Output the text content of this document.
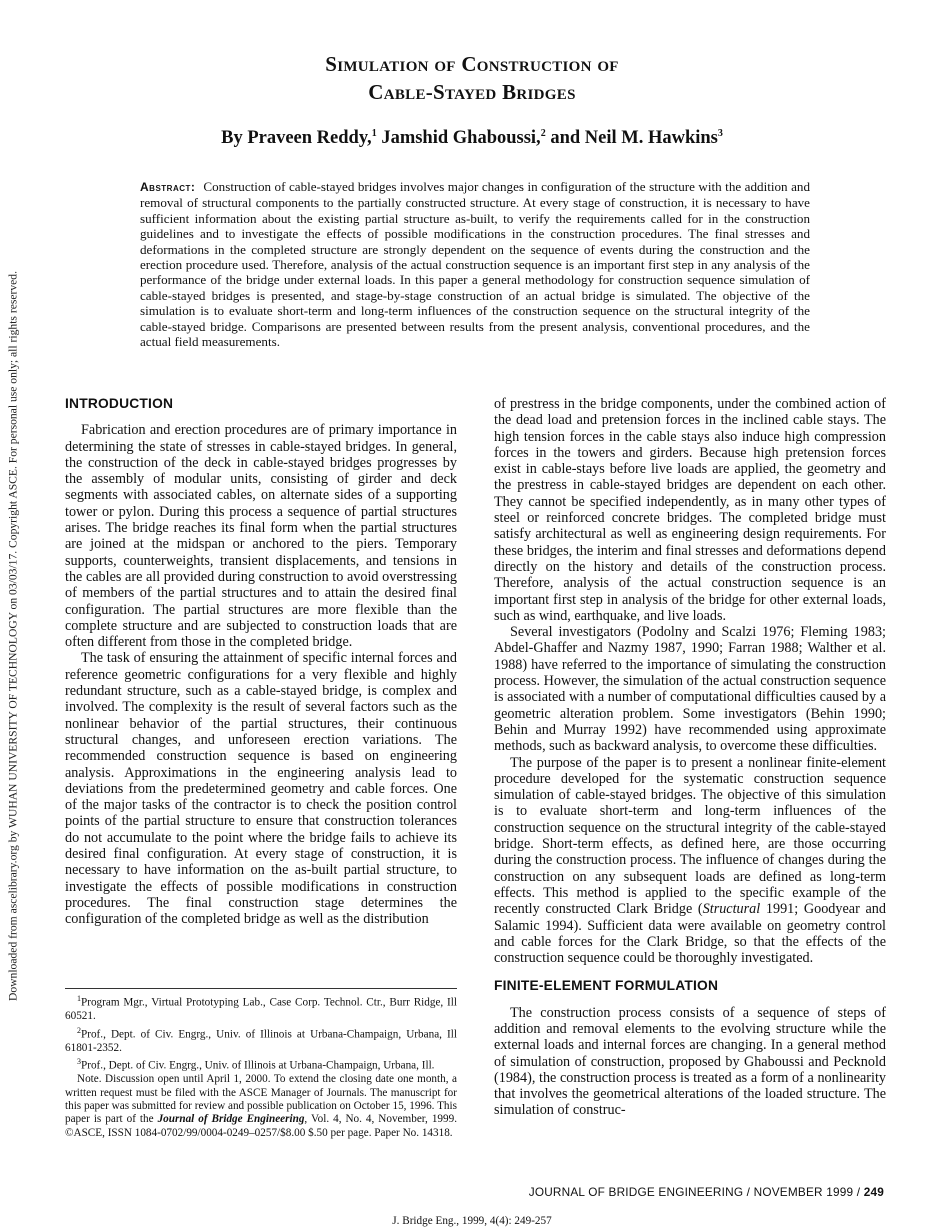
Downloaded from ascelibrary.org by WUHAN UNIVERSITY OF TECHNOLOGY on 03/03/17. Copyright ASCE. For personal use only; all rights reserved.
Simulation of Construction of
Cable-Stayed Bridges
By Praveen Reddy,$^1$ Jamshid Ghaboussi,$^2$ and Neil M. Hawkins$^3$
Abstract: Construction of cable-stayed bridges involves major changes in configuration of the structure with the addition and removal of structural components to the partially constructed structure. At every stage of construction, it is necessary to have sufficient information about the existing partial structure as-built, to verify the requirements called for in the construction guidelines and to investigate the effects of possible modifications in the construction procedures. The final stresses and deformations in the completed structure are strongly dependent on the sequence of events during the construction and the erection procedure used. Therefore, analysis of the actual construction sequence is an important first step in any analysis of the performance of the bridge under external loads. In this paper a general methodology for construction sequence simulation of cable-stayed bridges is presented, and stage-by-stage construction of an actual bridge is simulated. The objective of the simulation is to evaluate short-term and long-term influences of the construction sequence on the structural integrity of the cable-stayed bridge. Comparisons are presented between results from the present analysis, conventional procedures, and the actual field measurements.
INTRODUCTION

Fabrication and erection procedures are of primary importance in determining the state of stresses in cable-stayed bridges. In general, the construction of the deck in cable-stayed bridges progresses by the assembly of modular units, consisting of girder and deck segments with associated cables, on alternate sides of a supporting tower or pylon. During this process a sequence of partial structures arises. The bridge reaches its final form when the partial structures are joined at the midspan or anchored to the piers. Temporary supports, counterweights, transient displacements, and tensions in the cables are all provided during construction to avoid overstressing of members of the partial structures and to attain the desired final configuration. The partial structures are more flexible than the complete structure and are subjected to construction loads that are often different from those in the completed bridge.

The task of ensuring the attainment of specific internal forces and reference geometric configurations for a very flexible and highly redundant structure, such as a cable-stayed bridge, is complex and involved. The complexity is the result of several factors such as the nonlinear behavior of the partial structures, their continuous structural changes, and unforeseen erection variations. The recommended construction sequence is based on engineering analysis. Approximations in the engineering analysis lead to deviations from the predetermined geometry and cable forces. One of the major tasks of the contractor is to check the position control points of the partial structure to ensure that construction tolerances do not accumulate to the point where the bridge fails to achieve its desired final configuration. At every stage of construction, it is necessary to have information on the as-built partial structure, to investigate the effects of possible modifications in construction procedures. The final construction stage determines the configuration of the completed bridge as well as the distribution

of prestress in the bridge components, under the combined action of the dead load and pretension forces in the inclined cable stays. The high tension forces in the cable stays also induce high compression forces in the towers and girders. Because high pretension forces exist in cable-stays before live loads are applied, the geometry and the prestress in cable-stayed bridges are dependent on each other. They cannot be specified independently, as in many other types of steel or reinforced concrete bridges. The completed bridge must satisfy architectural as well as engineering design requirements. For these bridges, the interim and final stresses and deformations depend directly on the history and details of the construction process. Therefore, analysis of the actual construction sequence is an important first step in analysis of the bridge for other external loads, such as wind, earthquake, and live loads.

Several investigators (Podolny and Scalzi 1976; Fleming 1983; Abdel-Ghaffer and Nazmy 1987, 1990; Farran 1988; Walther et al. 1988) have referred to the importance of simulating the construction process. However, the simulation of the actual construction sequence is associated with a number of computational difficulties caused by a geometric alteration problem. Some investigators (Behin 1990; Behin and Murray 1992) have recommended using approximate methods, such as backward analysis, to overcome these difficulties.

The purpose of the paper is to present a nonlinear finite-element procedure developed for the systematic construction sequence simulation of cable-stayed bridges. The objective of this simulation is to evaluate short-term and long-term influences of the construction sequence on the structural integrity of the cable-stayed bridge. Short-term effects, as defined here, are those occurring during the construction process. The influence of changes during the construction on any subsequent loads are defined as long-term effects. This method is applied to the specific example of the recently constructed Clark Bridge (Structural 1991; Goodyear and Salamic 1994). Sufficient data were available on geometry control and cable forces for the Clark Bridge, so that the effects of the construction sequence could be thoroughly investigated.

FINITE-ELEMENT FORMULATION

The construction process consists of a sequence of steps of addition and removal elements to the evolving structure while the external loads and internal forces are changing. In a general method of simulation of construction, proposed by Ghaboussi and Pecknold (1984), the construction process is treated as a form of a nonlinearity that involves the geometrical alterations of the loaded structure. The simulation of construc-

$^1$Program Mgr., Virtual Prototyping Lab., Case Corp. Technol. Ctr., Burr Ridge, Ill 60521.

$^2$Prof., Dept. of Civ. Engrg., Univ. of Illinois at Urbana-Champaign, Urbana, Ill 61801-2352.

$^3$Prof., Dept. of Civ. Engrg., Univ. of Illinois at Urbana-Champaign, Urbana, Ill.

Note. Discussion open until April 1, 2000. To extend the closing date one month, a written request must be filed with the ASCE Manager of Journals. The manuscript for this paper was submitted for review and possible publication on October 15, 1996. This paper is part of the Journal of Bridge Engineering, Vol. 4, No. 4, November, 1999. ©ASCE, ISSN 1084-0702/99/0004-0249–0257/$8.00 $.50 per page. Paper No. 14318.

JOURNAL OF BRIDGE ENGINEERING / NOVEMBER 1999 / 249
J. Bridge Eng., 1999, 4(4): 249-257
